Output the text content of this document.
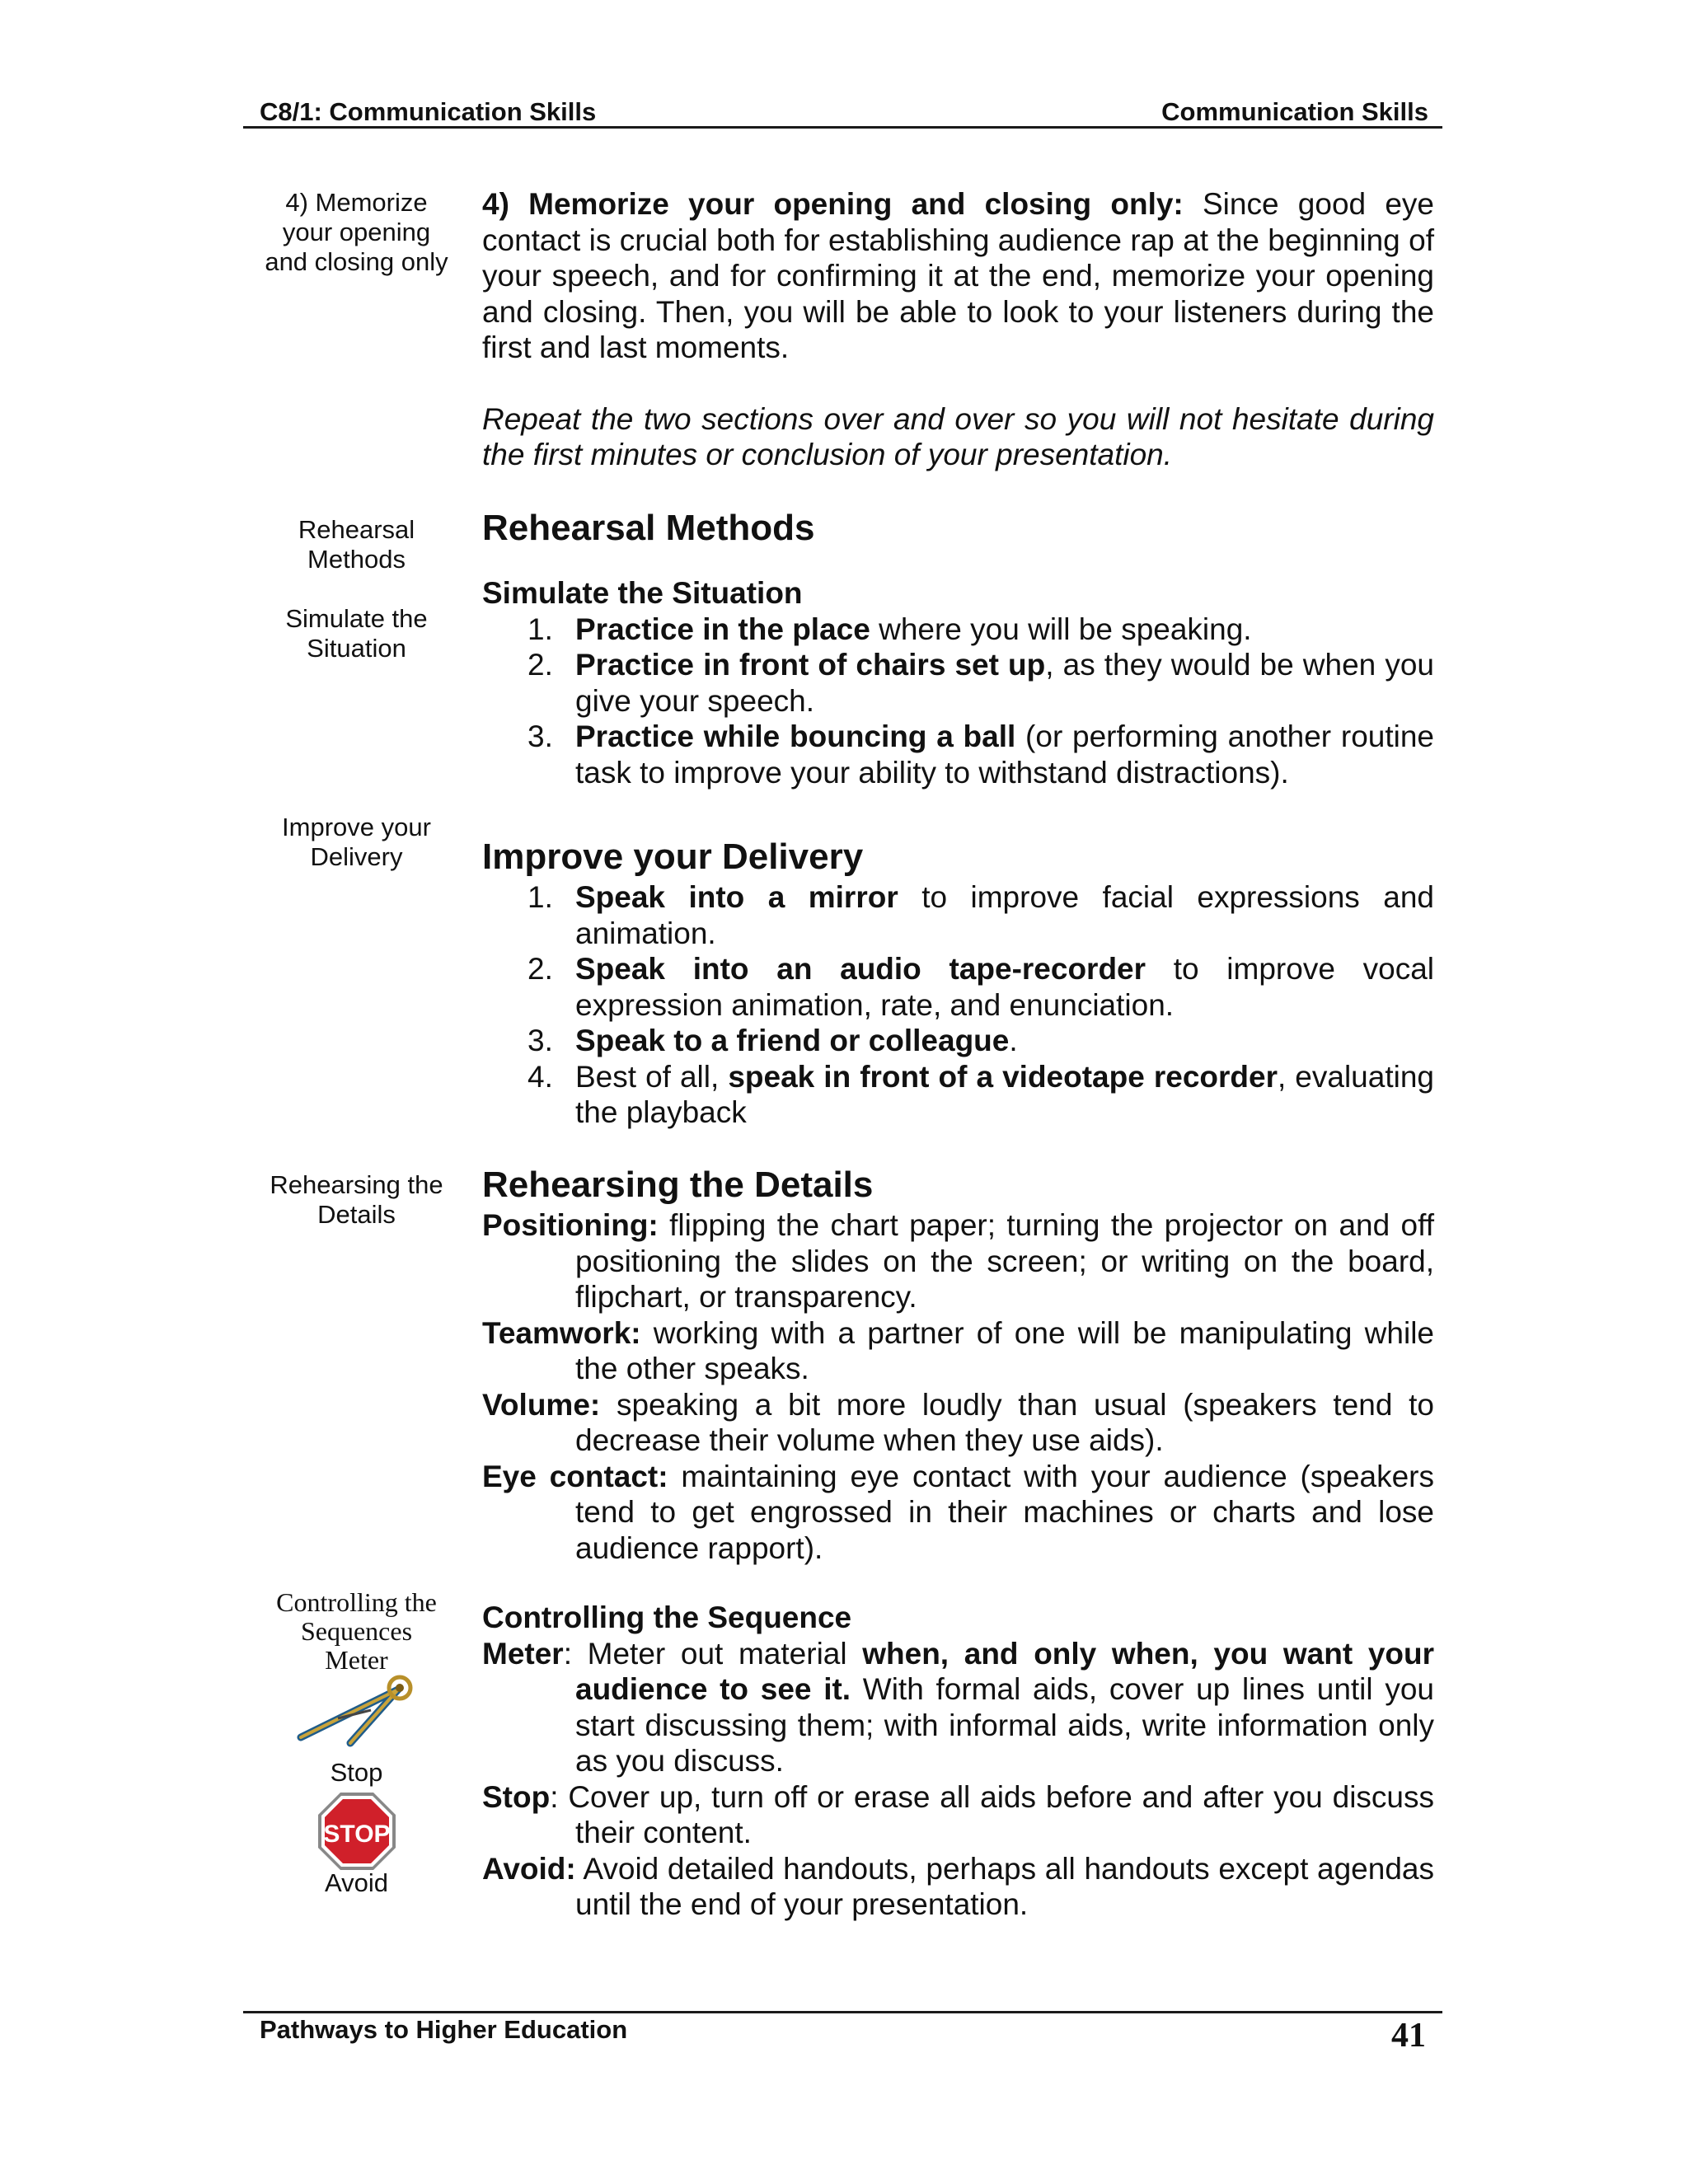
C8/1: Communication Skills	Communication Skills
4) Memorize
your opening
and closing only
Rehearsal
Methods
Simulate the
Situation
Improve your
Delivery
Rehearsing the
Details
Controlling the
Sequences
Meter
Stop
STOP
Avoid

4) Memorize your opening and closing only: Since good eye contact is crucial both for establishing audience rap at the beginning of your speech, and for confirming it at the end, memorize your opening and closing. Then, you will be able to look to your listeners during the first and last moments.

Repeat the two sections over and over so you will not hesitate during the first minutes or conclusion of your presentation.

Rehearsal Methods
Simulate the Situation
1. Practice in the place where you will be speaking.
2. Practice in front of chairs set up, as they would be when you give your speech.
3. Practice while bouncing a ball (or performing another routine task to improve your ability to withstand distractions).
Improve your Delivery
1. Speak into a mirror to improve facial expressions and animation.
2. Speak into an audio tape-recorder to improve vocal expression animation, rate, and enunciation.
3. Speak to a friend or colleague.
4. Best of all, speak in front of a videotape recorder, evaluating the playback
Rehearsing the Details

Positioning: flipping the chart paper; turning the projector on and off positioning the slides on the screen; or writing on the board, flipchart, or transparency.

Teamwork: working with a partner of one will be manipulating while the other speaks.

Volume: speaking a bit more loudly than usual (speakers tend to decrease their volume when they use aids).

Eye contact: maintaining eye contact with your audience (speakers tend to get engrossed in their machines or charts and lose audience rapport).

Controlling the Sequence

Meter: Meter out material when, and only when, you want your audience to see it. With formal aids, cover up lines until you start discussing them; with informal aids, write information only as you discuss.

Stop: Cover up, turn off or erase all aids before and after you discuss their content.

Avoid: Avoid detailed handouts, perhaps all handouts except agendas until the end of your presentation.

Pathways to Higher Education	41
